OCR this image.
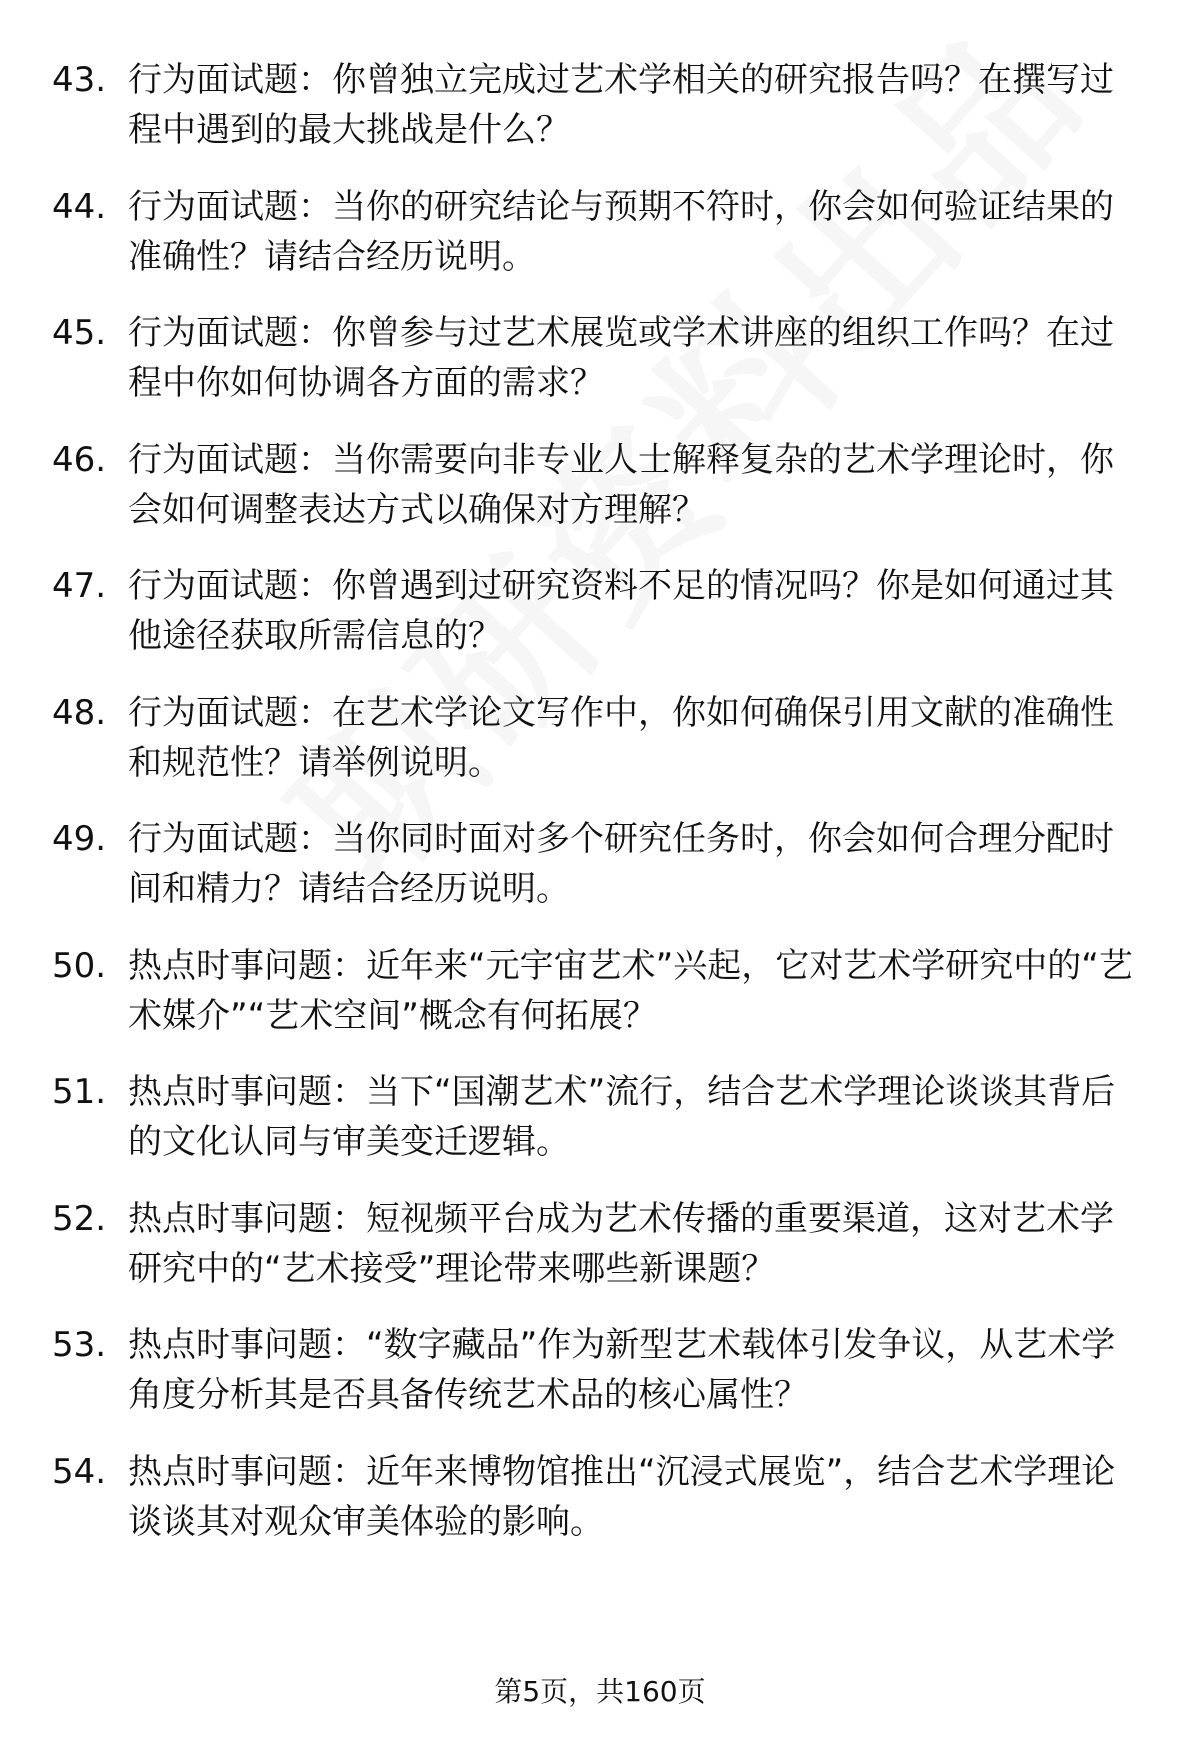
43. 行为面试题：你曾独立完成过艺术学相关的研究报告吗？在撰写过程中遇到的最大挑战是什么？
44. 行为面试题：当你的研究结论与预期不符时，你会如何验证结果的准确性？请结合经历说明。
45. 行为面试题：你曾参与过艺术展览或学术讲座的组织工作吗？在过程中你如何协调各方面的需求？
46. 行为面试题：当你需要向非专业人士解释复杂的艺术学理论时，你会如何调整表达方式以确保对方理解？
47. 行为面试题：你曾遇到过研究资料不足的情况吗？你是如何通过其他途径获取所需信息的？
48. 行为面试题：在艺术学论文写作中，你如何确保引用文献的准确性和规范性？请举例说明。
49. 行为面试题：当你同时面对多个研究任务时，你会如何合理分配时间和精力？请结合经历说明。
50. 热点时事问题：近年来“元宇宙艺术”兴起，它对艺术学研究中的“艺术媒介”“艺术空间”概念有何拓展？
51. 热点时事问题：当下“国潮艺术”流行，结合艺术学理论谈谈其背后的文化认同与审美变迁逻辑。
52. 热点时事问题：短视频平台成为艺术传播的重要渠道，这对艺术学研究中的“艺术接受”理论带来哪些新课题？
53. 热点时事问题：“数字藏品”作为新型艺术载体引发争议，从艺术学角度分析其是否具备传统艺术品的核心属性？
54. 热点时事问题：近年来博物馆推出“沉浸式展览”，结合艺术学理论谈谈其对观众审美体验的影响。
第5页，共160页
